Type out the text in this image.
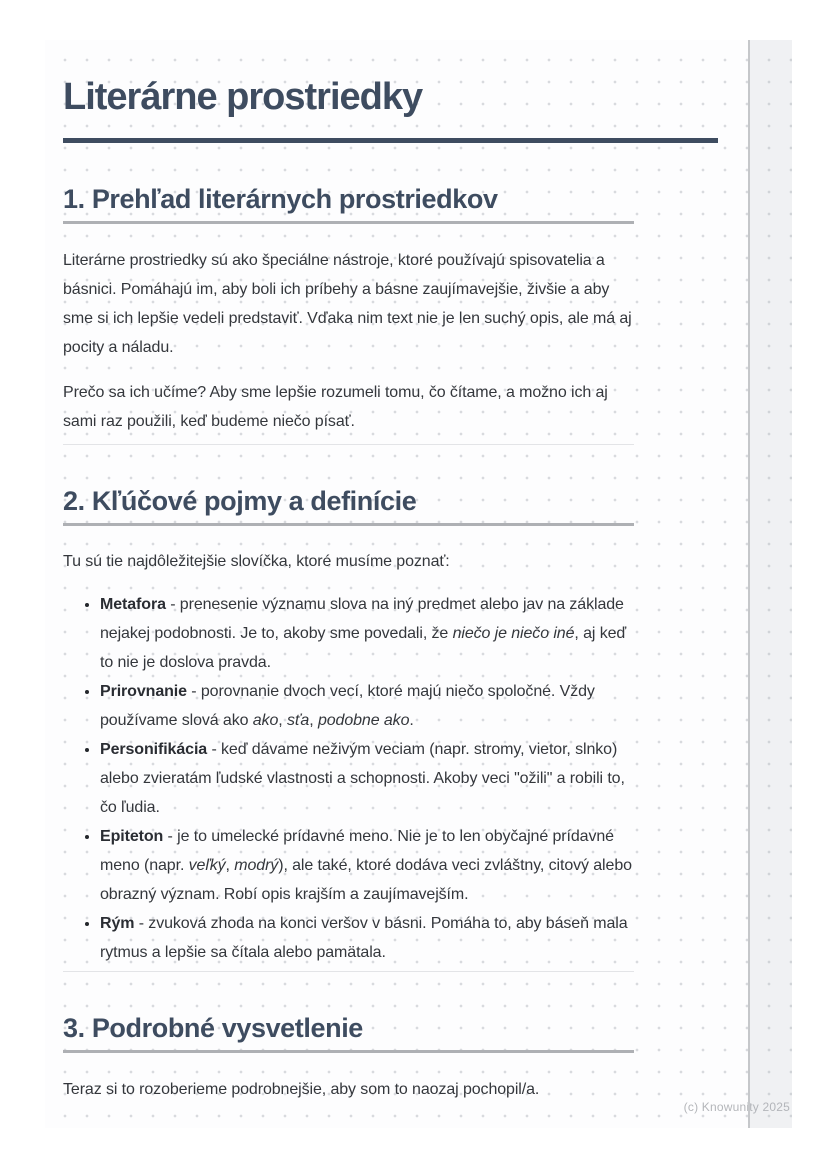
Literárne prostriedky
1. Prehľad literárnych prostriedkov

Literárne prostriedky sú ako špeciálne nástroje, ktoré používajú spisovatelia a básnici. Pomáhajú im, aby boli ich príbehy a básne zaujímavejšie, živšie a aby sme si ich lepšie vedeli predstaviť. Vďaka nim text nie je len suchý opis, ale má aj pocity a náladu.

Prečo sa ich učíme? Aby sme lepšie rozumeli tomu, čo čítame, a možno ich aj sami raz použili, keď budeme niečo písať.

2. Kľúčové pojmy a definície

Tu sú tie najdôležitejšie slovíčka, ktoré musíme poznať:

• Metafora - prenesenie významu slova na iný predmet alebo jav na základe nejakej podobnosti. Je to, akoby sme povedali, že niečo je niečo iné, aj keď to nie je doslova pravda.
• Prirovnanie - porovnanie dvoch vecí, ktoré majú niečo spoločné. Vždy používame slová ako ako, sťa, podobne ako.
• Personifikácia - keď dávame neživým veciam (napr. stromy, vietor, slnko) alebo zvieratám ľudské vlastnosti a schopnosti. Akoby veci "ožili" a robili to, čo ľudia.
• Epiteton - je to umelecké prídavné meno. Nie je to len obyčajné prídavné meno (napr. veľký, modrý), ale také, ktoré dodáva veci zvláštny, citový alebo obrazný význam. Robí opis krajším a zaujímavejším.
• Rým - zvuková zhoda na konci veršov v básni. Pomáha to, aby báseň mala rytmus a lepšie sa čítala alebo pamätala.
3. Podrobné vysvetlenie

Teraz si to rozoberieme podrobnejšie, aby som to naozaj pochopil/a.

(c) Knowunity 2025
